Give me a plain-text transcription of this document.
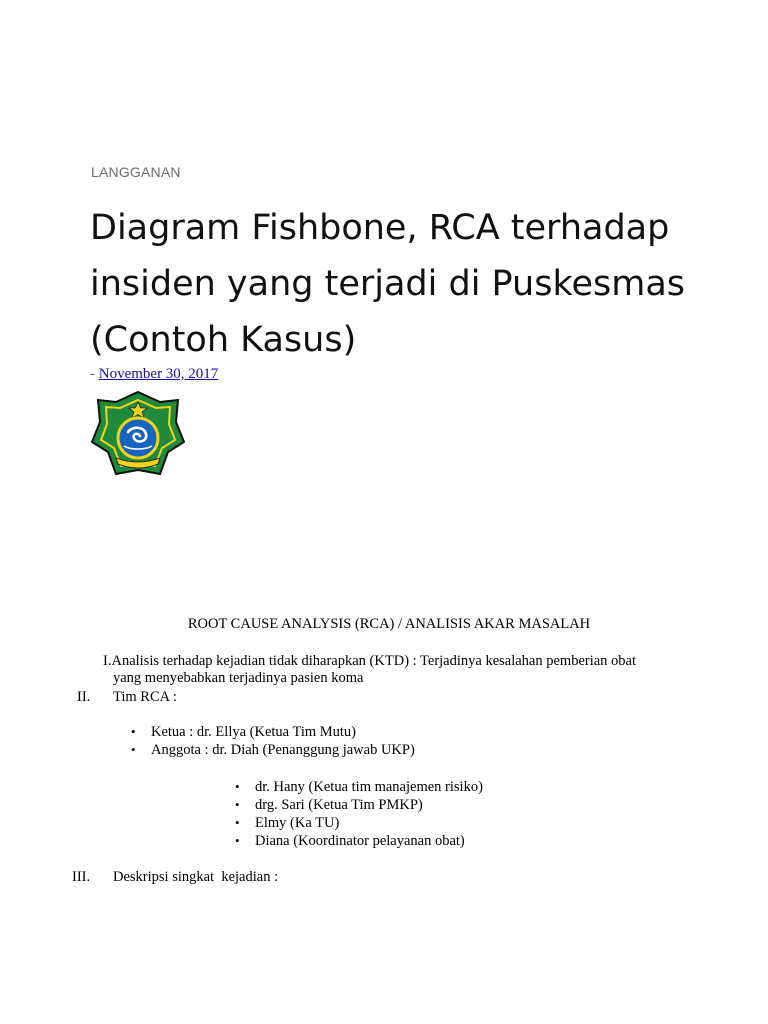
LANGGANAN
Diagram Fishbone, RCA terhadap insiden yang terjadi di Puskesmas (Contoh Kasus)
- November 30, 2017
ROOT CAUSE ANALYSIS (RCA) / ANALISIS AKAR MASALAH
I.Analisis terhadap kejadian tidak diharapkan (KTD) : Terjadinya kesalahan pemberian obat
yang menyebabkan terjadinya pasien koma
II. Tim RCA :
• Ketua : dr. Ellya (Ketua Tim Mutu)
• Anggota : dr. Diah (Penanggung jawab UKP)
• dr. Hany (Ketua tim manajemen risiko)
• drg. Sari (Ketua Tim PMKP)
• Elmy (Ka TU)
• Diana (Koordinator pelayanan obat)
III. Deskripsi singkat  kejadian :
